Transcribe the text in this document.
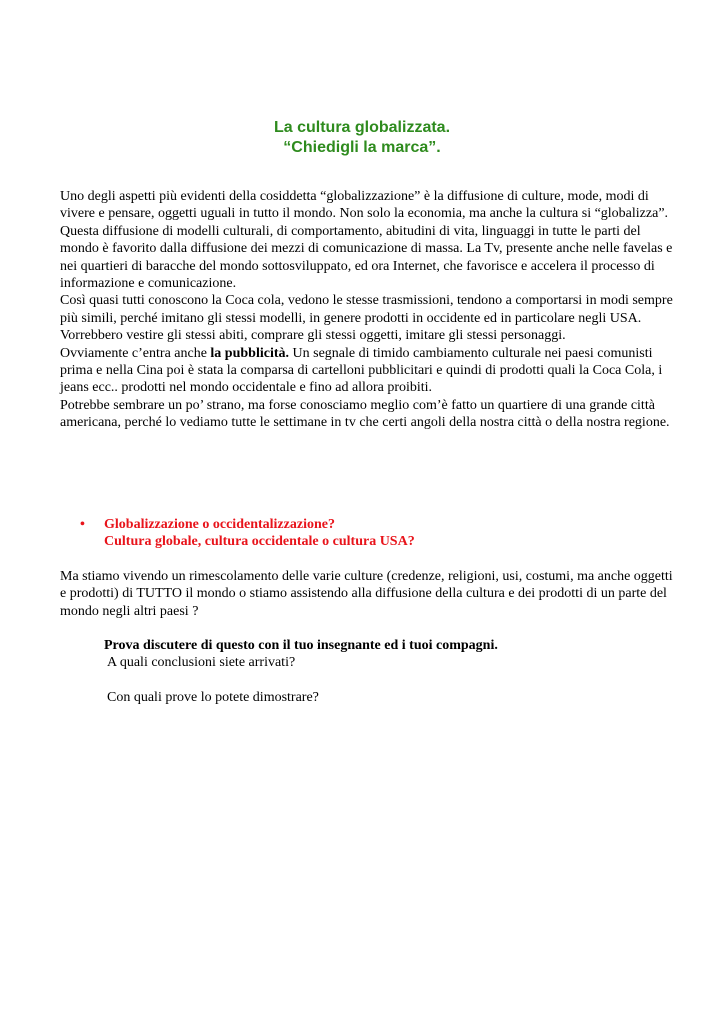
La cultura globalizzata.
“Chiedigli la marca”.

Uno degli aspetti più evidenti della cosiddetta “globalizzazione” è la diffusione di culture, mode, modi di vivere e pensare, oggetti uguali in tutto il mondo. Non solo la economia, ma anche la cultura si “globalizza”.

Questa diffusione di modelli culturali, di comportamento, abitudini di vita, linguaggi in tutte le parti del mondo è favorito dalla diffusione dei mezzi di comunicazione di massa. La Tv, presente anche nelle favelas e nei quartieri di baracche del mondo sottosviluppato, ed ora Internet, che favorisce e accelera il processo di informazione e comunicazione.

Così quasi tutti conoscono la Coca cola, vedono le stesse trasmissioni, tendono a comportarsi in modi sempre più simili, perché imitano gli stessi modelli, in genere prodotti in occidente ed in particolare negli USA.

Vorrebbero vestire gli stessi abiti, comprare gli stessi oggetti, imitare gli stessi personaggi.

Ovviamente c’entra anche la pubblicità. Un segnale di timido cambiamento culturale nei paesi comunisti prima e nella Cina poi è stata la comparsa di cartelloni pubblicitari e quindi di prodotti quali la Coca Cola, i jeans ecc.. prodotti nel mondo occidentale e fino ad allora proibiti.

Potrebbe sembrare un po’ strano, ma forse conosciamo meglio com’è fatto un quartiere di una grande città americana, perché lo vediamo tutte le settimane in tv che certi angoli della nostra città o della nostra regione.

• Globalizzazione o occidentalizzazione?
Cultura globale, cultura occidentale o cultura USA?

Ma stiamo vivendo un rimescolamento delle varie culture (credenze, religioni, usi, costumi, ma anche oggetti e prodotti) di TUTTO il mondo o stiamo assistendo alla diffusione della cultura e dei prodotti di un parte del mondo negli altri paesi ?

Prova discutere di questo con il tuo insegnante ed i tuoi compagni.
A quali conclusioni siete arrivati?
Con quali prove lo potete dimostrare?
